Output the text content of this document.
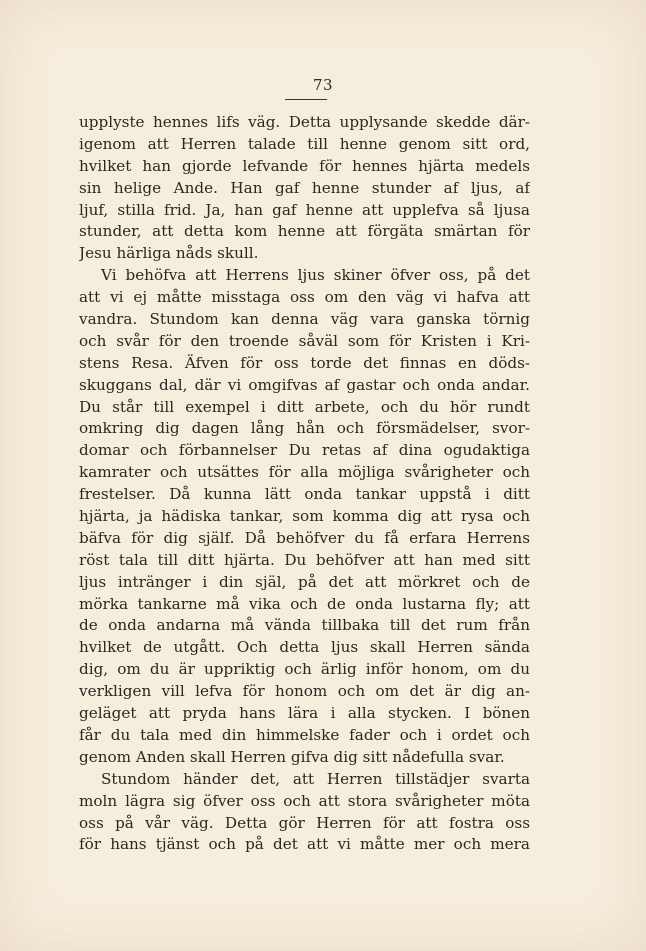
73
upplyste hennes lifs väg. Detta upplysande skedde där-
igenom att Herren talade till henne genom sitt ord,
hvilket han gjorde lefvande för hennes hjärta medels
sin helige Ande. Han gaf henne stunder af ljus, af
ljuf, stilla frid. Ja, han gaf henne att upplefva så ljusa
stunder, att detta kom henne att förgäta smärtan för
Jesu härliga nåds skull.
Vi behöfva att Herrens ljus skiner öfver oss, på det
att vi ej måtte misstaga oss om den väg vi hafva att
vandra. Stundom kan denna väg vara ganska törnig
och svår för den troende såväl som för Kristen i Kri-
stens Resa. Äfven för oss torde det finnas en döds-
skuggans dal, där vi omgifvas af gastar och onda andar.
Du står till exempel i ditt arbete, och du hör rundt
omkring dig dagen lång hån och försmädelser, svor-
domar och förbannelser Du retas af dina ogudaktiga
kamrater och utsättes för alla möjliga svårigheter och
frestelser. Då kunna lätt onda tankar uppstå i ditt
hjärta, ja hädiska tankar, som komma dig att rysa och
bäfva för dig själf. Då behöfver du få erfara Herrens
röst tala till ditt hjärta. Du behöfver att han med sitt
ljus intränger i din själ, på det att mörkret och de
mörka tankarne må vika och de onda lustarna fly; att
de onda andarna må vända tillbaka till det rum från
hvilket de utgått. Och detta ljus skall Herren sända
dig, om du är uppriktig och ärlig inför honom, om du
verkligen vill lefva för honom och om det är dig an-
geläget att pryda hans lära i alla stycken. I bönen
får du tala med din himmelske fader och i ordet och
genom Anden skall Herren gifva dig sitt nådefulla svar.
Stundom händer det, att Herren tillstädjer svarta
moln lägra sig öfver oss och att stora svårigheter möta
oss på vår väg. Detta gör Herren för att fostra oss
för hans tjänst och på det att vi måtte mer och mera
